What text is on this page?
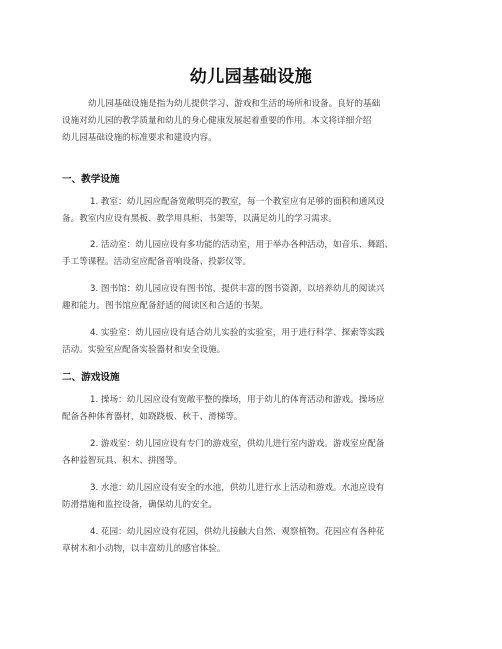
幼儿园基础设施

幼儿园基础设施是指为幼儿提供学习、游戏和生活的场所和设备。良好的基础
设施对幼儿园的教学质量和幼儿的身心健康发展起着重要的作用。本文将详细介绍
幼儿园基础设施的标准要求和建设内容。

一、教学设施

1. 教室：幼儿园应配备宽敞明亮的教室，每一个教室应有足够的面积和通风设
备。教室内应设有黑板、教学用具柜、书架等，以满足幼儿的学习需求。

2. 活动室：幼儿园应设有多功能的活动室，用于举办各种活动，如音乐、舞蹈、
手工等课程。活动室应配备音响设备、投影仪等。

3. 图书馆：幼儿园应设有图书馆，提供丰富的图书资源，以培养幼儿的阅读兴
趣和能力。图书馆应配备舒适的阅读区和合适的书架。

4. 实验室：幼儿园应设有适合幼儿实验的实验室，用于进行科学、探索等实践
活动。实验室应配备实验器材和安全设施。

二、游戏设施

1. 操场：幼儿园应设有宽敞平整的操场，用于幼儿的体育活动和游戏。操场应
配备各种体育器材，如跷跷板、秋千、滑梯等。

2. 游戏室：幼儿园应设有专门的游戏室，供幼儿进行室内游戏。游戏室应配备
各种益智玩具、积木、拼图等。

3. 水池：幼儿园应设有安全的水池，供幼儿进行水上活动和游戏。水池应设有
防滑措施和监控设备，确保幼儿的安全。

4. 花园：幼儿园应设有花园，供幼儿接触大自然、观察植物。花园应有各种花
草树木和小动物，以丰富幼儿的感官体验。
